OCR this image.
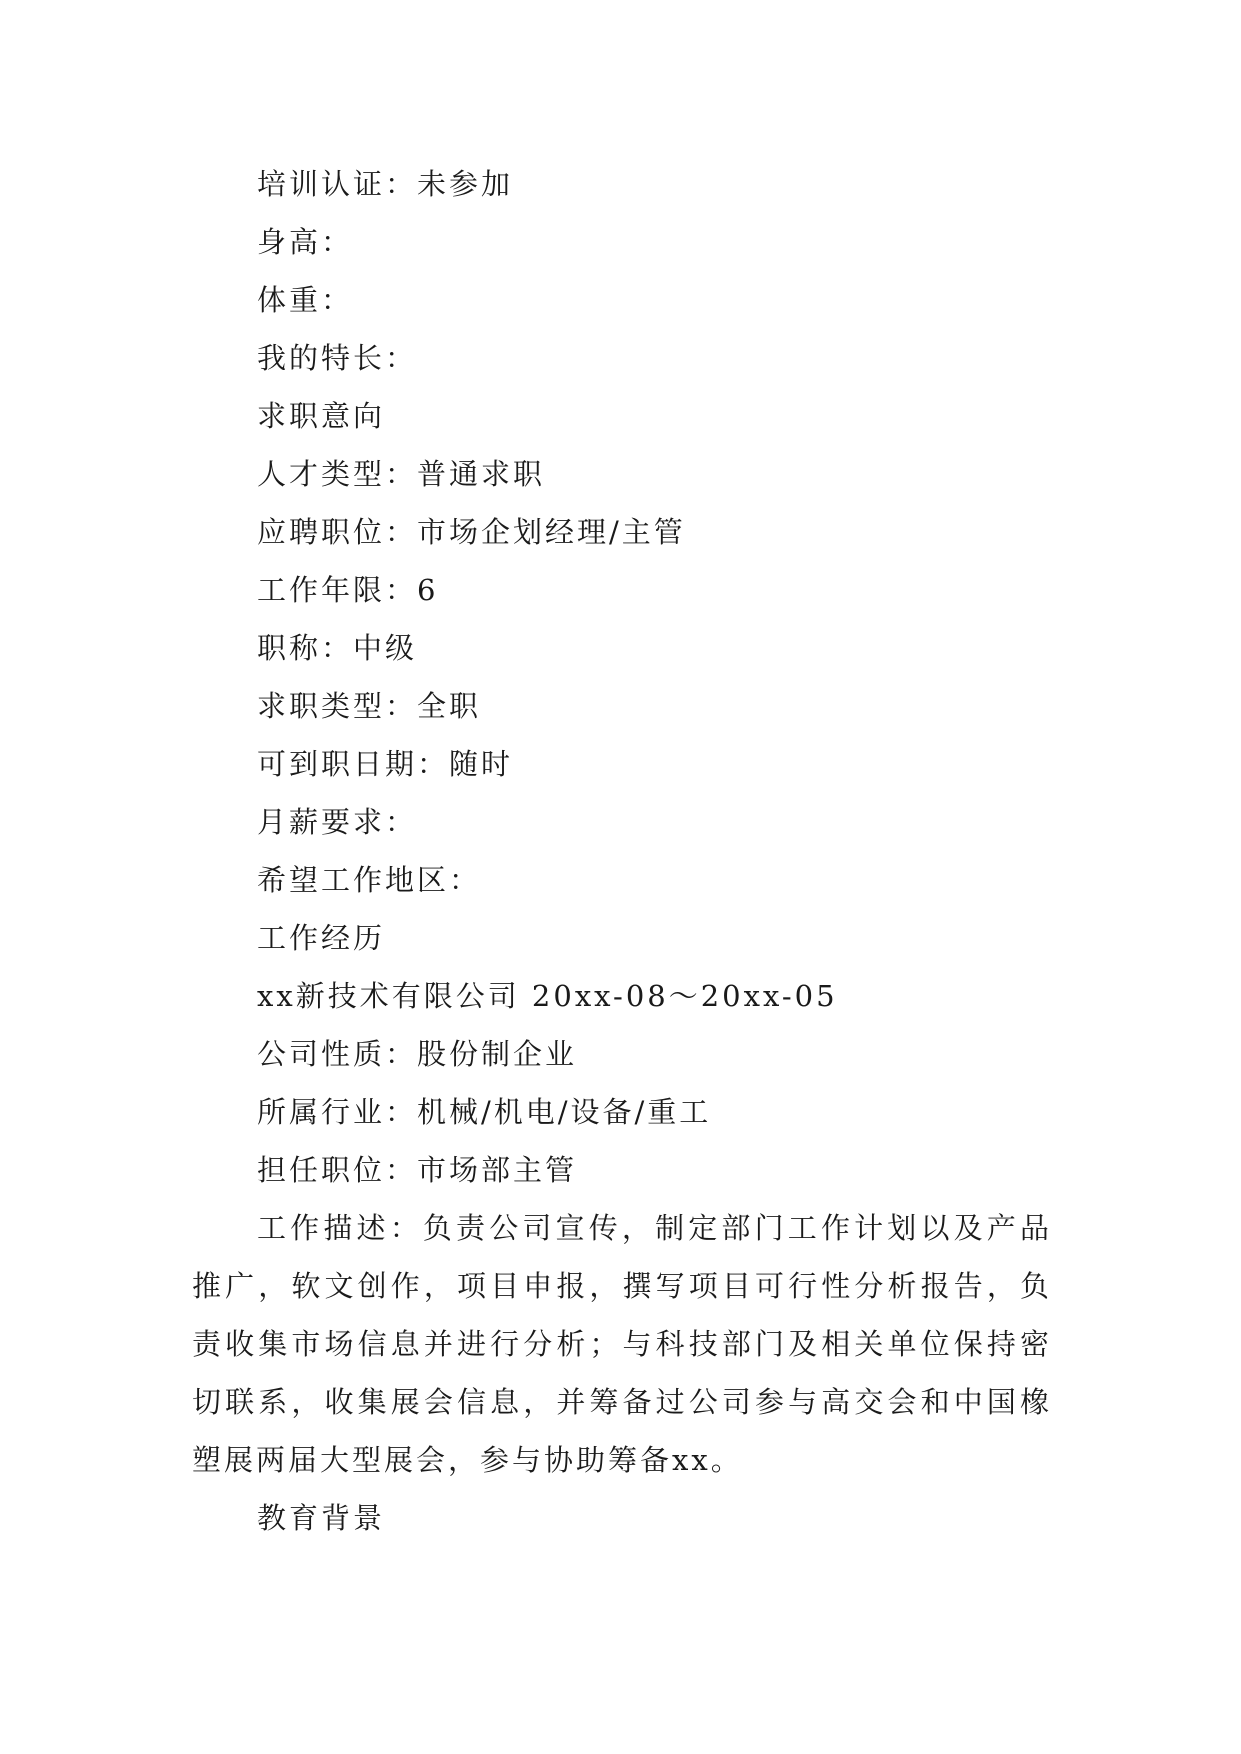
培训认证：未参加
身高：
体重：
我的特长：
求职意向
人才类型：普通求职
应聘职位：市场企划经理/主管
工作年限：6
职称：中级
求职类型：全职
可到职日期：随时
月薪要求：
希望工作地区：
工作经历
xx新技术有限公司 20xx-08～20xx-05
公司性质：股份制企业
所属行业：机械/机电/设备/重工
担任职位：市场部主管

工作描述：负责公司宣传，制定部门工作计划以及产品推广，软文创作，项目申报，撰写项目可行性分析报告，负责收集市场信息并进行分析；与科技部门及相关单位保持密切联系，收集展会信息，并筹备过公司参与高交会和中国橡塑展两届大型展会，参与协助筹备xx。

教育背景
